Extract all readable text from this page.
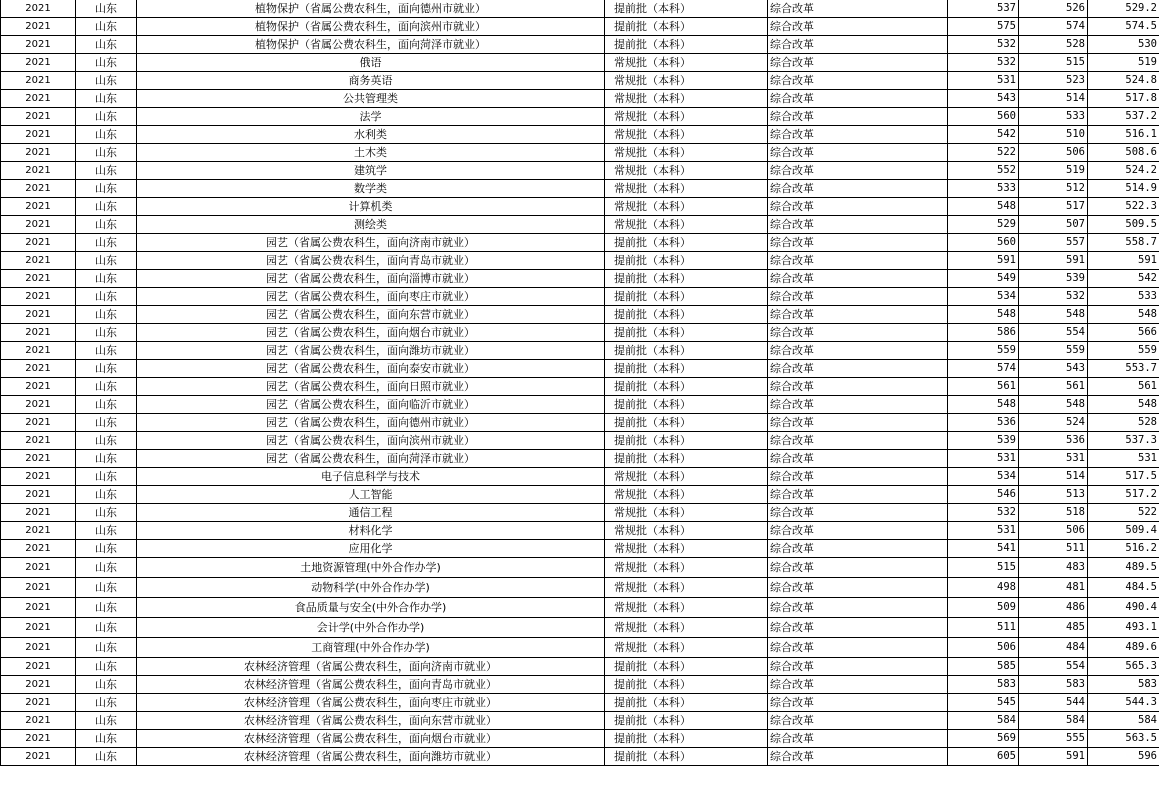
2021	山东	植物保护（省属公费农科生，面向德州市就业）	提前批（本科）	综合改革	537	526	529.2
2021	山东	植物保护（省属公费农科生，面向滨州市就业）	提前批（本科）	综合改革	575	574	574.5
2021	山东	植物保护（省属公费农科生，面向菏泽市就业）	提前批（本科）	综合改革	532	528	530
2021	山东	俄语	常规批（本科）	综合改革	532	515	519
2021	山东	商务英语	常规批（本科）	综合改革	531	523	524.8
2021	山东	公共管理类	常规批（本科）	综合改革	543	514	517.8
2021	山东	法学	常规批（本科）	综合改革	560	533	537.2
2021	山东	水利类	常规批（本科）	综合改革	542	510	516.1
2021	山东	土木类	常规批（本科）	综合改革	522	506	508.6
2021	山东	建筑学	常规批（本科）	综合改革	552	519	524.2
2021	山东	数学类	常规批（本科）	综合改革	533	512	514.9
2021	山东	计算机类	常规批（本科）	综合改革	548	517	522.3
2021	山东	测绘类	常规批（本科）	综合改革	529	507	509.5
2021	山东	园艺（省属公费农科生，面向济南市就业）	提前批（本科）	综合改革	560	557	558.7
2021	山东	园艺（省属公费农科生，面向青岛市就业）	提前批（本科）	综合改革	591	591	591
2021	山东	园艺（省属公费农科生，面向淄博市就业）	提前批（本科）	综合改革	549	539	542
2021	山东	园艺（省属公费农科生，面向枣庄市就业）	提前批（本科）	综合改革	534	532	533
2021	山东	园艺（省属公费农科生，面向东营市就业）	提前批（本科）	综合改革	548	548	548
2021	山东	园艺（省属公费农科生，面向烟台市就业）	提前批（本科）	综合改革	586	554	566
2021	山东	园艺（省属公费农科生，面向潍坊市就业）	提前批（本科）	综合改革	559	559	559
2021	山东	园艺（省属公费农科生，面向泰安市就业）	提前批（本科）	综合改革	574	543	553.7
2021	山东	园艺（省属公费农科生，面向日照市就业）	提前批（本科）	综合改革	561	561	561
2021	山东	园艺（省属公费农科生，面向临沂市就业）	提前批（本科）	综合改革	548	548	548
2021	山东	园艺（省属公费农科生，面向德州市就业）	提前批（本科）	综合改革	536	524	528
2021	山东	园艺（省属公费农科生，面向滨州市就业）	提前批（本科）	综合改革	539	536	537.3
2021	山东	园艺（省属公费农科生，面向菏泽市就业）	提前批（本科）	综合改革	531	531	531
2021	山东	电子信息科学与技术	常规批（本科）	综合改革	534	514	517.5
2021	山东	人工智能	常规批（本科）	综合改革	546	513	517.2
2021	山东	通信工程	常规批（本科）	综合改革	532	518	522
2021	山东	材料化学	常规批（本科）	综合改革	531	506	509.4
2021	山东	应用化学	常规批（本科）	综合改革	541	511	516.2
2021	山东	土地资源管理(中外合作办学)	常规批（本科）	综合改革	515	483	489.5
2021	山东	动物科学(中外合作办学)	常规批（本科）	综合改革	498	481	484.5
2021	山东	食品质量与安全(中外合作办学)	常规批（本科）	综合改革	509	486	490.4
2021	山东	会计学(中外合作办学)	常规批（本科）	综合改革	511	485	493.1
2021	山东	工商管理(中外合作办学)	常规批（本科）	综合改革	506	484	489.6
2021	山东	农林经济管理（省属公费农科生，面向济南市就业）	提前批（本科）	综合改革	585	554	565.3
2021	山东	农林经济管理（省属公费农科生，面向青岛市就业）	提前批（本科）	综合改革	583	583	583
2021	山东	农林经济管理（省属公费农科生，面向枣庄市就业）	提前批（本科）	综合改革	545	544	544.3
2021	山东	农林经济管理（省属公费农科生，面向东营市就业）	提前批（本科）	综合改革	584	584	584
2021	山东	农林经济管理（省属公费农科生，面向烟台市就业）	提前批（本科）	综合改革	569	555	563.5
2021	山东	农林经济管理（省属公费农科生，面向潍坊市就业）	提前批（本科）	综合改革	605	591	596
